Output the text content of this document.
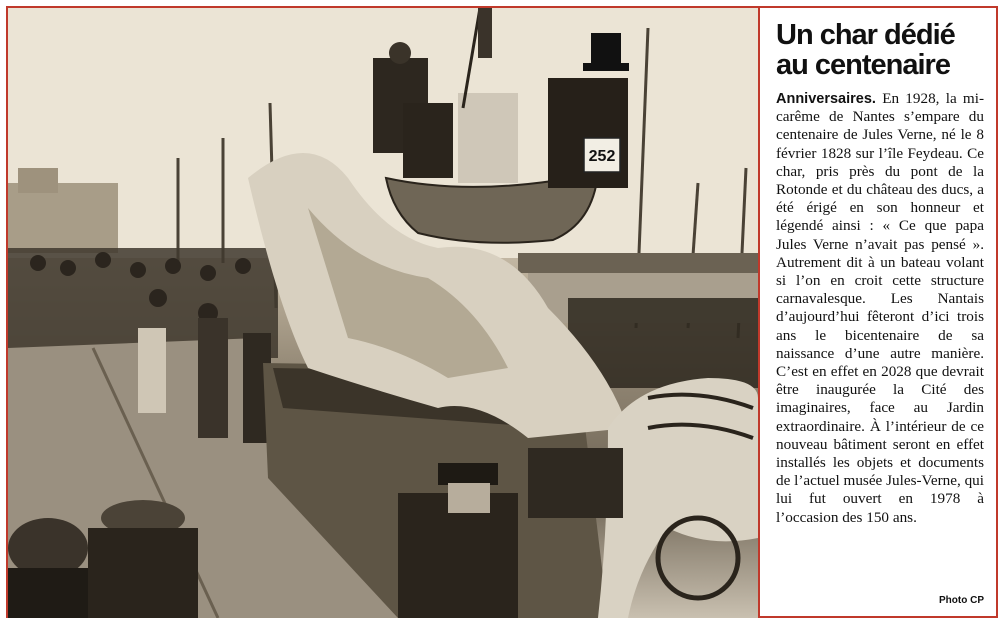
252
Un char dédié au centenaire

Anniversaires. En 1928, la mi-carême de Nantes s’empare du centenaire de Jules Verne, né le 8 février 1828 sur l’île Feydeau. Ce char, pris près du pont de la Rotonde et du château des ducs, a été érigé en son honneur et légendé ainsi : « Ce que papa Jules Verne n’avait pas pensé ». Autrement dit à un bateau volant si l’on en croit cette structure carnavalesque. Les Nantais d’aujourd’hui fêteront d’ici trois ans le bicentenaire de sa naissance d’une autre manière. C’est en effet en 2028 que devrait être inaugurée la Cité des imaginaires, face au Jardin extraordinaire. À l’intérieur de ce nouveau bâtiment seront en effet installés les objets et documents de l’actuel musée Jules-Verne, qui lui fut ouvert en 1978 à l’occasion des 150 ans.

Photo CP
